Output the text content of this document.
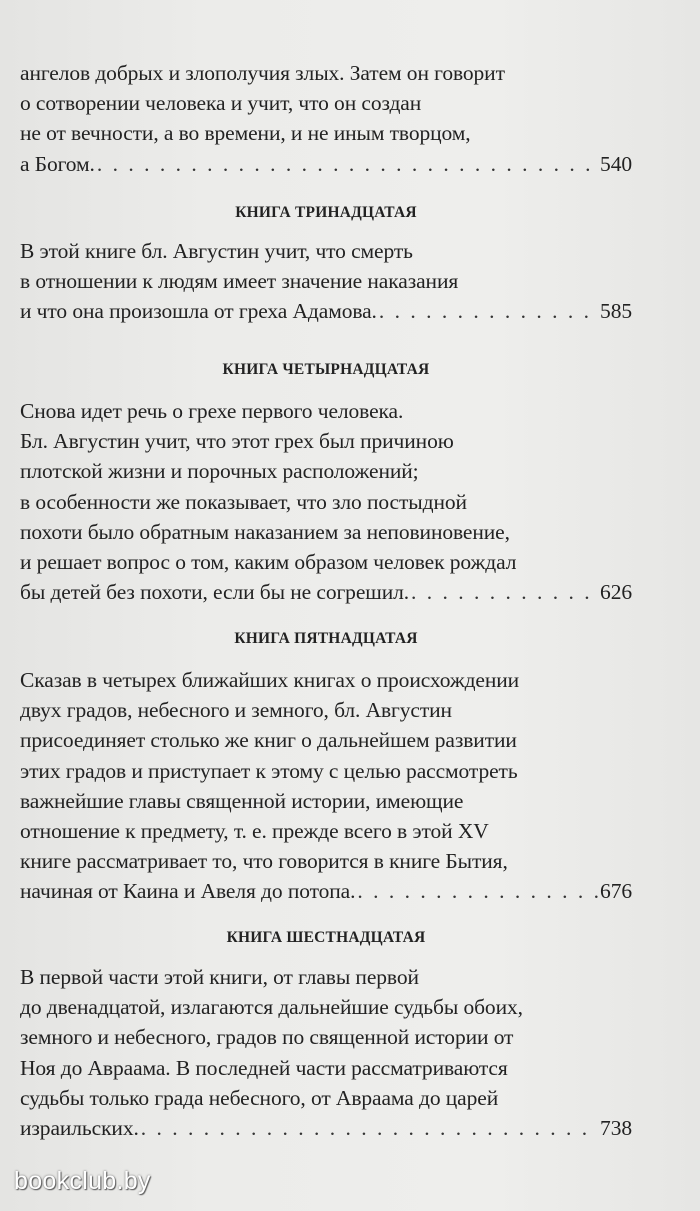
ангелов добрых и злополучия злых. Затем он говорит
о сотворении человека и учит, что он создан
не от вечности, а во времени, и не иным творцом,
а Богом. . . .	540
КНИГА ТРИНАДЦАТАЯ
В этой книге бл. Августин учит, что смерть
в отношении к людям имеет значение наказания
и что она произошла от греха Адамова. . . .	585
КНИГА ЧЕТЫРНАДЦАТАЯ
Снова идет речь о грехе первого человека.
Бл. Августин учит, что этот грех был причиною
плотской жизни и порочных расположений;
в особенности же показывает, что зло постыдной
похоти было обратным наказанием за неповиновение,
и решает вопрос о том, каким образом человек рождал
бы детей без похоти, если бы не согрешил. . . .	626
КНИГА ПЯТНАДЦАТАЯ
Сказав в четырех ближайших книгах о происхождении
двух градов, небесного и земного, бл. Августин
присоединяет столько же книг о дальнейшем развитии
этих градов и приступает к этому с целью рассмотреть
важнейшие главы священной истории, имеющие
отношение к предмету, т. е. прежде всего в этой XV
книге рассматривает то, что говорится в книге Бытия,
начиная от Каина и Авеля до потопа. . . .	676
КНИГА ШЕСТНАДЦАТАЯ
В первой части этой книги, от главы первой
до двенадцатой, излагаются дальнейшие судьбы обоих,
земного и небесного, градов по священной истории от
Ноя до Авраама. В последней части рассматриваются
судьбы только града небесного, от Авраама до царей
израильских. . . .	738
bookclub.by
